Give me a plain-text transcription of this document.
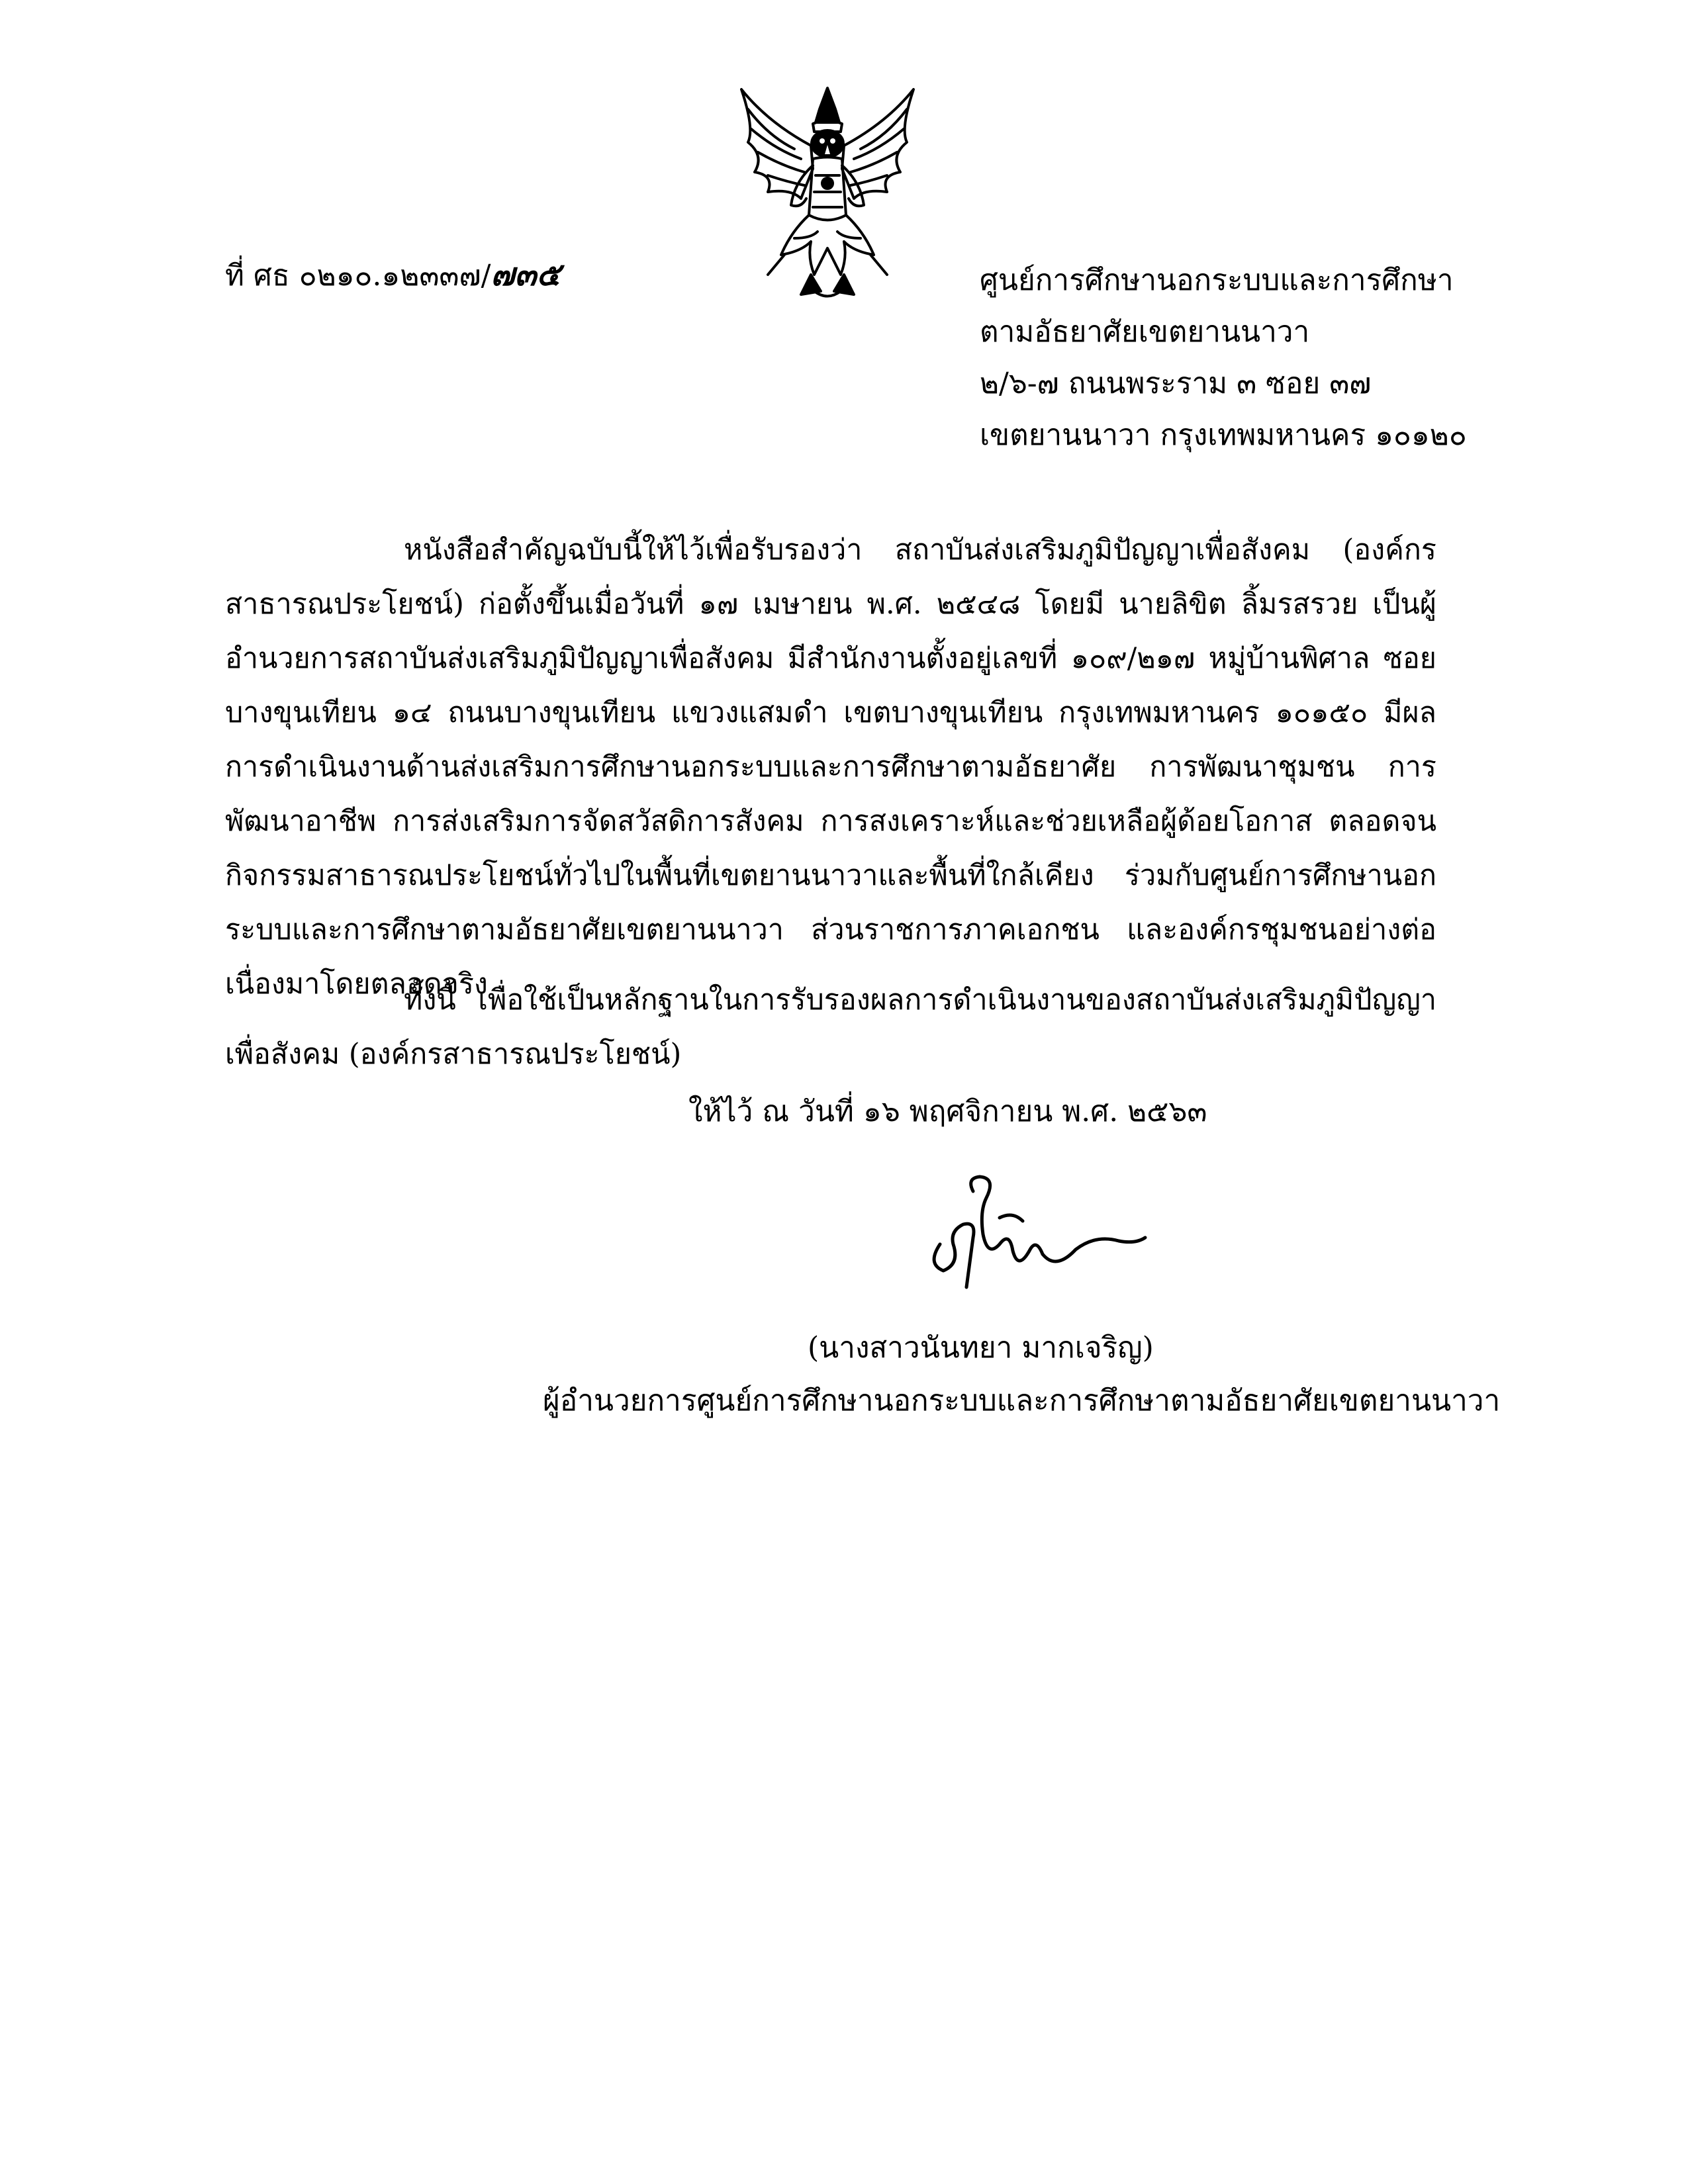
ที่ ศธ ๐๒๑๐.๑๒๓๓๗/๗๓๕	ศูนย์การศึกษานอกระบบและการศึกษา
ตามอัธยาศัยเขตยานนาวา
๒/๖-๗ ถนนพระราม ๓ ซอย ๓๗
เขตยานนาวา กรุงเทพมหานคร ๑๐๑๒๐
หนังสือสำคัญฉบับนี้ให้ไว้เพื่อรับรองว่า สถาบันส่งเสริมภูมิปัญญาเพื่อสังคม (องค์กรสาธารณประโยชน์) ก่อตั้งขึ้นเมื่อวันที่ ๑๗ เมษายน พ.ศ. ๒๕๔๘ โดยมี นายลิขิต ลิ้มรสรวย เป็นผู้อำนวยการสถาบันส่งเสริมภูมิปัญญาเพื่อสังคม มีสำนักงานตั้งอยู่เลขที่ ๑๐๙/๒๑๗ หมู่บ้านพิศาล ซอยบางขุนเทียน ๑๔ ถนนบางขุนเทียน แขวงแสมดำ เขตบางขุนเทียน กรุงเทพมหานคร ๑๐๑๕๐ มีผลการดำเนินงานด้านส่งเสริมการศึกษานอกระบบและการศึกษาตามอัธยาศัย การพัฒนาชุมชน การพัฒนาอาชีพ การส่งเสริมการจัดสวัสดิการสังคม การสงเคราะห์และช่วยเหลือผู้ด้อยโอกาส ตลอดจนกิจกรรมสาธารณประโยชน์ทั่วไปในพื้นที่เขตยานนาวาและพื้นที่ใกล้เคียง ร่วมกับศูนย์การศึกษานอกระบบและการศึกษาตามอัธยาศัยเขตยานนาวา ส่วนราชการภาคเอกชน และองค์กรชุมชนอย่างต่อเนื่องมาโดยตลอดจริง
ทั้งนี้ เพื่อใช้เป็นหลักฐานในการรับรองผลการดำเนินงานของสถาบันส่งเสริมภูมิปัญญาเพื่อสังคม (องค์กรสาธารณประโยชน์)
ให้ไว้ ณ วันที่ ๑๖ พฤศจิกายน พ.ศ. ๒๕๖๓
(นางสาวนันทยา มากเจริญ)
ผู้อำนวยการศูนย์การศึกษานอกระบบและการศึกษาตามอัธยาศัยเขตยานนาวา
